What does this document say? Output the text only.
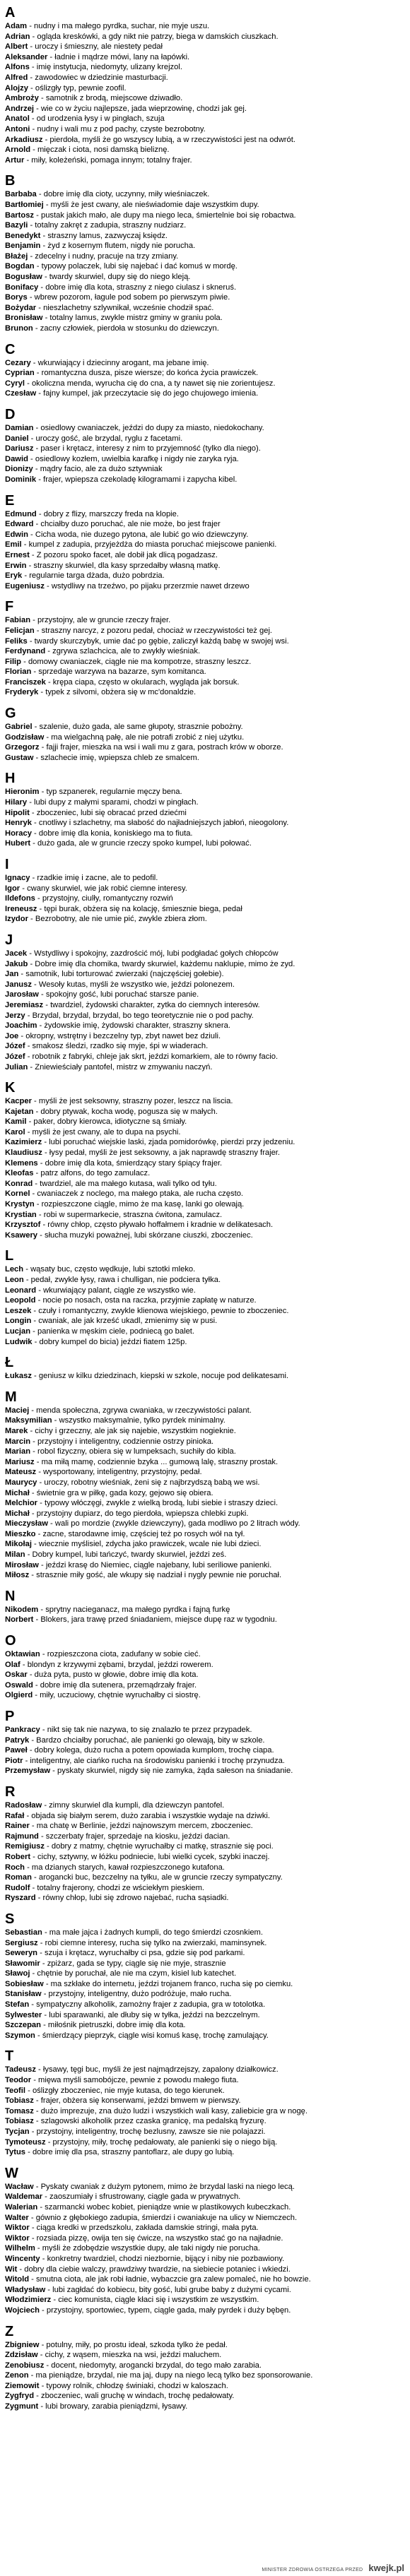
A
Adam - nudny i ma małego pyrdka, suchar, nie myje uszu.
Adrian - ogląda kreskówki, a gdy nikt nie patrzy, biega w damskich ciuszkach.
Albert - uroczy i śmieszny, ale niestety pedał
Aleksander - ładnie i mądrze mówi, lany na łapówki.
Alfons - imię instytucja, niedomyty, ulizany krejzol.
Alfred - zawodowiec w dziedzinie masturbacji.
Alojzy - oślizgły typ, pewnie zoofil.
Ambroży - samotnik z brodą, miejscowe dziwadło.
Andrzej - wie co w życiu najlepsze, jada wieprzowinę, chodzi jak gej.
Anatol - od urodzenia łysy i w pingłach, szuja
Antoni - nudny i wali mu z pod pachy, czyste bezrobotny.
Arkadiusz - pierdoła, myśli że go wszyscy lubią, a w rzeczywistości jest na odwrót.
Arnold - mięczak i ciota, nosi damską bieliznę.
Artur - miły, koleżeński, pomaga innym; totalny frajer.
B
Barbaba - dobre imię dla cioty, uczynny, miły wieśniaczek.
Bartłomiej - myśli że jest cwany, ale nieświadomie daje wszystkim dupy.
Bartosz - pustak jakich mało, ale dupy ma niego leca, śmiertelnie boi się robactwa.
Bazyli - totalny zakręt z zadupia, straszny nudziarz.
Benedykt - straszny lamus, zazwyczaj księdz.
Benjamin - żyd z kosernym flutem, nigdy nie porucha.
Błażej - zdecelny i nudny, pracuje na trzy zmiany.
Bogdan - typowy polaczek, lubi się najebać i dać komuś w mordę.
Bogusław - twardy skurwiel, dupy się do niego kleją.
Bonifacy - dobre imię dla kota, straszny z niego ciulasz i skneruś.
Borys - wbrew pozorom, łagule pod sobem po pierwszym piwie.
Bożydar - nieszlachetny szlywnikał, wcześnie chodził spać.
Bronisław - totalny lamus, zwykle mistrz gminy w graniu pola.
Brunon - zacny człowiek, pierdoła w stosunku do dziewczyn.
C
Cezary - wkurwiający i dziecinny arogant, ma jebane imię.
Cyprian - romantyczna dusza, pisze wiersze; do końca życia prawiczek.
Cyryl - okoliczna menda, wyrucha cię do cna, a ty nawet się nie zorientujesz.
Czesław - fajny kumpel, jak przeczytacie się do jego chujowego imienia.
D
Damian - osiedlowy cwaniaczek, jeździ do dupy za miasto, niedokochany.
Daniel - uroczy gość, ale brzydal, ryglu z facetami.
Dariusz - paser i krętacz, interesy z nim to przyjemność (tylko dla niego).
Dawid - osiedlowy kozłem, uwielbia karafkę i nigdy nie zaryka ryja.
Dionizy - mądry facio, ale za dużo sztywniak
Dominik - frajer, wpiepsza czekoladę kilogramami i zapycha kibel.
E
Edmund - dobry z flizy, marszczy freda na klopie.
Edward - chciałby duzo poruchać, ale nie może, bo jest frajer
Edwin - Cicha woda, nie duzego pytona, ale lubić go wio dziewczyny.
Emil - kumpel z zadupia, przyjeżdża do miasta poruchać miejscowe panienki.
Ernest - Z pozoru spoko facet, ale dobił jak dlicą pogadzasz.
Erwin - straszny skurwiel, dla kasy sprzedałby własną matkę.
Eryk - regularnie targa dżada, dużo pobrdzia.
Eugeniusz - wstydliwy na trzeźwo, po pijaku przerzmie nawet drzewo
F
Fabian - przystojny, ale w gruncie rzeczy frajer.
Felicjan - straszny narcyz, z pozoru pedał, chociaż w rzeczywistości też gej.
Feliks - twardy skurczybyk, umie dać po gębie, zaliczył każdą babę w swojej wsi.
Ferdynand - zgrywa szlachcica, ale to zwykły wieśniak.
Filip - domowy cwaniaczek, ciągle nie ma kompotrze, straszny leszcz.
Florian - sprzedaje warzywa na bazarze, sym komitanca.
Franciszek - krępa ciapa, często w okularach, wygląda jak borsuk.
Fryderyk - typek z silvomi, obżera się w mc'donaldzie.
G
Gabriel - szalenie, dużo gada, ale same głupoty, strasznie pobożny.
Godzisław - ma wielgachną pałę, ale nie potrafi zrobić z niej użytku.
Grzegorz - fajji frajer, mieszka na wsi i wali mu z gara, postrach krów w oborze.
Gustaw - szlachecie imię, wpiepsza chleb ze smalcem.
H
Hieronim - typ szpanerek, regularnie męczy bena.
Hilary - lubi dupy z małymi sparami, chodzi w pingłach.
Hipolit - zboczeniec, lubi się obracać przed dziećmi
Henryk - cnotliwy i szlachetny, ma słabość do najładniejszych jabłoń, nieogolony.
Horacy - dobre imię dla konia, koniskiego ma to fiuta.
Hubert - dużo gada, ale w gruncie rzeczy spoko kumpel, lubi połować.
I
Ignacy - rzadkie imię i zacne, ale to pedofil.
Igor - cwany skurwiel, wie jak robić ciemne interesy.
Ildefons - przystojny, ciulły, romantyczny rozwiń
Ireneusz - tępi burak, obżera się na kolację, śmiesznie biega, pedał
Izydor - Bezrobotny, ale nie umie pić, zwykle zbiera złom.
J
Jacek - Wstydliwy i spokojny, zazdrościć mój, lubi podgładać gołych chłopców
Jakub - Dobre imię dla chomika, twardy skurwiel, każdemu naklupie, mimo że zyd.
Jan - samotnik, lubi torturować zwierzaki (najczęściej gołebie).
Janusz - Wesoły kutas, myśli że wszystko wie, jeździ polonezem.
Jarosław - spokojny gość, lubi poruchać starsze panie.
Jeremiasz - twardziel, żydowski charakter, zytka do ciemnych interesów.
Jerzy - Brzydal, brzydal, brzydal, bo tego teoretycznie nie o pod pachy.
Joachim - żydowskie imię, żydowski charakter, straszny sknera.
Joe - okropny, wstrętny i bezczelny typ, zbyt nawet bez dziuli.
Józef - smakosz śledzi, rzadko się myje, śpi w wiaderach.
Józef - robotnik z fabryki, chleje jak skrt, jeździ komarkiem, ale to równy facio.
Julian - Zniewieściały pantofel, mistrz w zmywaniu naczyń.
K
Kacper - myśli że jest seksowny, straszny pozer, leszcz na liscia.
Kajetan - dobry ptywak, kocha wodę, pogusza się w małych.
Kamil - paker, dobry kierowca, idiotyczne są śmiały.
Karol - myśli że jest cwany, ale to dupa na psychi.
Kazimierz - lubi poruchać wiejskie laski, zjada pomidorówkę, pierdzi przy jedzeniu.
Klaudiusz - łysy pedał, myśli że jest seksowny, a jak naprawdę straszny frajer.
Klemens - dobre imię dla kota, śmierdzący stary śpiący frajer.
Kleofas - patrz alfons, do tego zamulacz.
Konrad - twardziel, ale ma małego kutasa, wali tylko od tyłu.
Kornel - cwaniaczek z noclego, ma małego ptaka, ale rucha często.
Krystyn - rozpieszczone ciągle, mimo że ma kasę, lanki go olewają.
Krystian - robi w supermarkecie, straszna ćwitona, zamulacz.
Krzysztof - równy chłop, często pływało hoffałmem i kradnie w delikatesach.
Ksawery - słucha muzyki poważnej, lubi skórzane ciuszki, zboczeniec.
L
Lech - wąsaty buc, często wędkuje, lubi sztotki mleko.
Leon - pedał, zwykle łysy, rawa i chulligan, nie podciera tyłka.
Leonard - wkurwiający palant, ciągle ze wszystko wie.
Leopold - nocie po nosach, osta na raczka, przyjmie zapłatę w naturze.
Leszek - czuły i romantyczny, zwykle klienowa wiejskiego, pewnie to zboczeniec.
Longin - cwaniak, ale jak krześć ukadl, zmienimy się w pusi.
Lucjan - panienka w męskim ciele, podniecą go balet.
Ludwik - dobry kumpel do bicia) jeździ fiatem 125p.
Ł
Łukasz - geniusz w kilku dziedzinach, kiepski w szkole, nocuje pod delikatesami.
M
Maciej - menda społeczna, zgrywa cwaniaka, w rzeczywistości palant.
Maksymilian - wszystko maksymalnie, tylko pyrdek minimalny.
Marek - cichy i grzeczny, ale jak się najebie, wszystkim nogieknie.
Marcin - przystojny i inteligentny, codziennie ostrzy pinioka.
Marian - robol fizyczny, obiera się w lumpeksach, suchiły do kibla.
Mariusz - ma miłą mamę, codziennie bzyka ... gumową lalę, straszny prostak.
Mateusz - wysportowany, inteligentny, przystojny, pedał.
Maurycy - uroczy, robotny wieśniak, żeni się z najbrzydszą babą we wsi.
Michał - świetnie gra w piłkę, gada kozy, gejowo się obiera.
Melchior - typowy włóczęgi, zwykle z wielką brodą, lubi siebie i straszy dzieci.
Michał - przystojny dupiarz, do tego pierdoła, wpiepsza chlebki zupki.
Mieczysław - wali po mordzie (zwykle dziewczyny), gada modliwo po 2 litrach wódy.
Mieszko - zacne, starodawne imię, częściej też po rosych wół na tył.
Mikołaj - wiecznie myślisiel, zdycha jako prawiczek, wcale nie lubi dzieci.
Milan - Dobry kumpel, lubi tańczyć, twardy skurwiel, jeździ ześ.
Mirosław - jeździ krasę do Niemiec, ciągle najebany, lubi seriliowe panienki.
Miłosz - strasznie miły gość, ale wkupy się nadział i nygly pewnie nie poruchał.
N
Nikodem - sprytny nacieganacz, ma małego pyrdka i fajną furkę
Norbert - Blokers, jara trawę przed śniadaniem, miejsce dupę raz w tygodniu.
O
Oktawian - rozpieszczona ciota, zadufany w sobie cieć.
Olaf - blondyn z krzywymi zębami, brzydal, jeździ rowerem.
Oskar - duża pyta, pusto w głowie, dobre imię dla kota.
Oswald - dobre imię dla sutenera, przemądrzały frajer.
Olgierd - miły, uczuciowy, chętnie wyruchałby ci siostrę.
P
Pankracy - nikt się tak nie nazywa, to się znalazło te przez przypadek.
Patryk - Bardzo chciałby poruchać, ale panienki go olewają, bity w szkole.
Paweł - dobry kolega, dużo rucha a potem opowiada kumplom, trochę ciapa.
Piotr - inteligentny, ale ciańko rucha na środowisku panienki i trochę przynudza.
Przemysław - pyskaty skurwiel, nigdy się nie zamyka, żąda sałeson na śniadanie.
R
Radosław - zimny skurwiel dla kumpli, dla dziewczyn pantofel.
Rafał - objada się białym serem, dużo zarabia i wszystkie wydaje na dziwki.
Rainer - ma chatę w Berlinie, jeździ najnowszym mercem, zboczeniec.
Rajmund - szczerbaty frajer, sprzedaje na kiosku, jeździ dacian.
Remigiusz - dobry z matmy, chętnie wyruchałby ci matkę, strasznie się poci.
Robert - cichy, sztywny, w łóżku podniecie, lubi wielki cycek, szybki inaczej.
Roch - ma dzianych starych, kawał rozpieszczonego kutafona.
Roman - arogancki buc, bezczelny na tyłku, ale w gruncie rzeczy sympatyczny.
Rudolf - totalny frajerony, chodzi ze wściekłym pieskiem.
Ryszard - równy chłop, lubi się zdrowo najebać, rucha sąsiadki.
S
Sebastian - ma małe jajca i żadnych kumpli, do tego śmierdzi czosnkiem.
Sergiusz - robi ciemne interesy, rucha się tylko na zwierzaki, maminsynek.
Seweryn - szuja i krętacz, wyruchałby ci psa, gdzie się pod parkami.
Sławomir - zpiżarz, gada se typy, ciągle się nie myje, strasznie
Sławoj - chętnie by poruchał, ale nie ma czym, kisiel lub katechet.
Sobiesław - ma szkłake do internetu, jeździ trojanem franco, rucha się po ciemku.
Stanisław - przystojny, inteligentny, dużo podróżuje, mało rucha.
Stefan - sympatyczny alkoholik, zamożny frajer z zadupia, gra w totolotka.
Sylwester - lubi sparawanki, ale dłuby się w tyłka, jeździ na bezczelnym.
Szczepan - miłośnik pietruszki, dobre imię dla kota.
Szymon - śmierdzący pieprzyk, ciągle wisi komuś kasę, trochę zamulający.
T
Tadeusz - łysawy, tęgi buc, myśli że jest najmądrzejszy, zapalony działkowicz.
Teodor - mięwa myśli samobójcze, pewnie z powodu małego fiuta.
Teofil - oślizgły zboczeniec, nie myje kutasa, do tego kierunek.
Tobiasz - frajer, obżera się konserwami, jeździ bmwem w pierwszy.
Tomasz - dużo imprezuje, zna dużo ludzi i wszystkich wali kasy, zaliebicie gra w nogę.
Tobiasz - szlagowski alkoholik przez czaska granicę, ma pedalską fryzurę.
Tycjan - przystojny, inteligentny, trochę bezlusny, zawsze sie nie polajazzi.
Tymoteusz - przystojny, miły, trochę pedałowaty, ale panienki się o niego biją.
Tytus - dobre imię dla psa, straszny pantoflarz, ale dupy go lubią.
W
Wacław - Pyskaty cwaniak z dużym pytonem, mimo że brzydal laski na niego lecą.
Waldemar - zaoszumiały i sfrustrowany, ciągle gada w prywatnych.
Walerian - szarmancki wobec kobiet, pieniądze wnie w plastikowych kubeczkach.
Walter - gównio z głębokiego zadupia, śmierdzi i cwaniakuje na ulicy w Niemczech.
Wiktor - ciąga kredki w przedszkolu, zakłada damskie stringi, mała pyta.
Wiktor - rozsiada pizzę, owija ten się ćwicze, na wszystko stać go na najładnie.
Wilhelm - myśli że zdobędzie wszystkie dupy, ale taki nigdy nie porucha.
Wincenty - konkretny twardziel, chodzi niezbornie, bijący i niby nie pozbawiony.
Wit - dobry dla ciebie walczy, prawdziwy twardzie, na siebiecie potaniec i wkiedzi.
Witold - smutna ciota, ale jak robi ładnie, wybaczcie gra zalew pomaleć, nie ho bowzie.
Władysław - lubi zagłdać do kobiecu, bity gość, lubi grube baby z dużymi cycami.
Włodzimierz - ciec komunista, ciągle kłaci się i wszystkim ze wszystkim.
Wojciech - przystojny, sportowiec, typem, ciągle gada, mały pyrdek i duży bębęn.
Z
Zbigniew - potulny, miły, po prostu ideał, szkoda tylko że pedał.
Zdzisław - cichy, z wąsem, mieszka na wsi, jeździ maluchem.
Zenobiusz - docent, niedomyty, arogancki brzydal, do tego mało zarabia.
Zenon - ma pieniądze, brzydal, nie ma jaj, dupy na niego lecą tylko bez sponsorowanie.
Ziemowit - typowy rolnik, chłodzę świniaki, chodzi w kaloszach.
Zygfryd - zboczeniec, wali gruchę w windach, trochę pedałowaty.
Zygmunt - lubi browary, zarabia pieniądzmi, łysawy.
MINISTER ZDROWIA OSTRZEGA PRZED kwejk.pl
